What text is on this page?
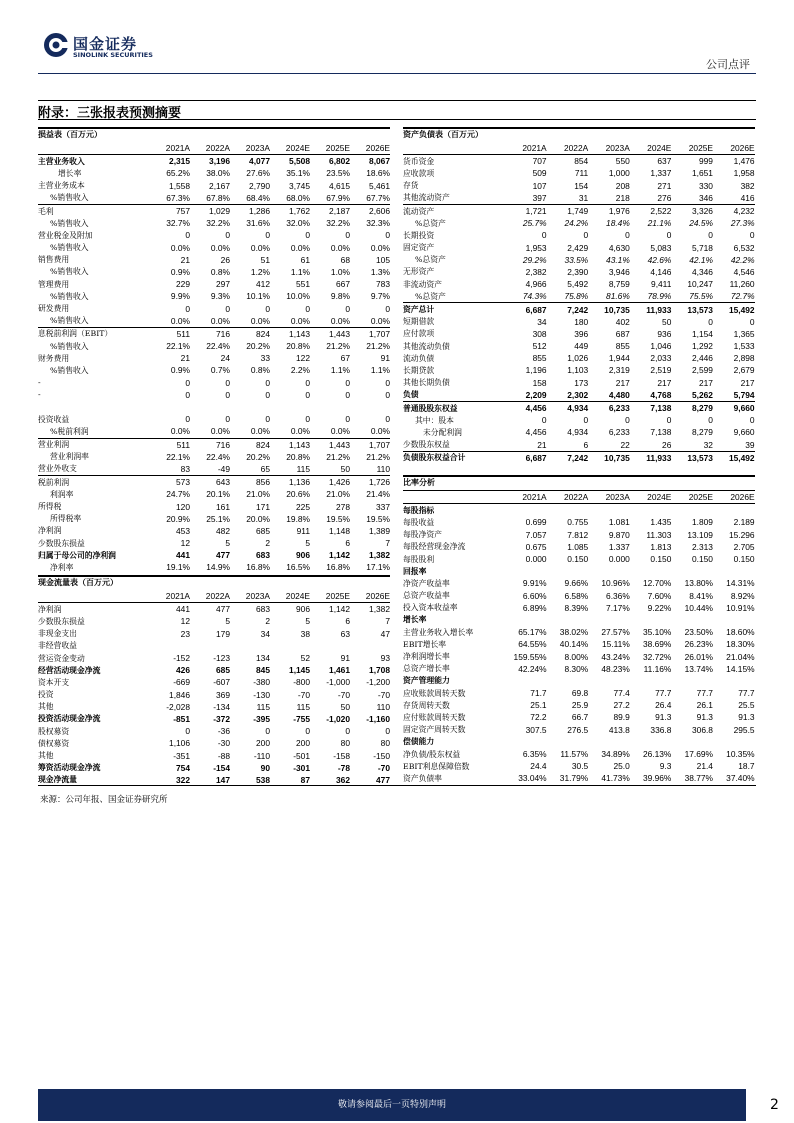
国金证券
SINOLINK SECURITIES
公司点评
附录：三张报表预测摘要
损益表（百万元）
2021A	2022A	2023A	2024E	2025E	2026E
主营业务收入	2,315	3,196	4,077	5,508	6,802	8,067
增长率	65.2%	38.0%	27.6%	35.1%	23.5%	18.6%
主营业务成本	1,558	2,167	2,790	3,745	4,615	5,461
%销售收入	67.3%	67.8%	68.4%	68.0%	67.9%	67.7%
毛利	757	1,029	1,286	1,762	2,187	2,606
%销售收入	32.7%	32.2%	31.6%	32.0%	32.2%	32.3%
营业税金及附加	0	0	0	0	0	0
%销售收入	0.0%	0.0%	0.0%	0.0%	0.0%	0.0%
销售费用	21	26	51	61	68	105
%销售收入	0.9%	0.8%	1.2%	1.1%	1.0%	1.3%
管理费用	229	297	412	551	667	783
%销售收入	9.9%	9.3%	10.1%	10.0%	9.8%	9.7%
研发费用	0	0	0	0	0	0
%销售收入	0.0%	0.0%	0.0%	0.0%	0.0%	0.0%
息税前利润（EBIT）	511	716	824	1,143	1,443	1,707
%销售收入	22.1%	22.4%	20.2%	20.8%	21.2%	21.2%
财务费用	21	24	33	122	67	91
%销售收入	0.9%	0.7%	0.8%	2.2%	1.1%	1.1%
-	0	0	0	0	0	0
-	0	0	0	0	0	0
投资收益	0	0	0	0	0	0
%税前利润	0.0%	0.0%	0.0%	0.0%	0.0%	0.0%
营业利润	511	716	824	1,143	1,443	1,707
营业利润率	22.1%	22.4%	20.2%	20.8%	21.2%	21.2%
营业外收支	83	-49	65	115	50	110
税前利润	573	643	856	1,136	1,426	1,726
利润率	24.7%	20.1%	21.0%	20.6%	21.0%	21.4%
所得税	120	161	171	225	278	337
所得税率	20.9%	25.1%	20.0%	19.8%	19.5%	19.5%
净利润	453	482	685	911	1,148	1,389
少数股东损益	12	5	2	5	6	7
归属于母公司的净利润	441	477	683	906	1,142	1,382
净利率	19.1%	14.9%	16.8%	16.5%	16.8%	17.1%
现金流量表（百万元）
2021A	2022A	2023A	2024E	2025E	2026E
净利润	441	477	683	906	1,142	1,382
少数股东损益	12	5	2	5	6	7
非现金支出	23	179	34	38	63	47
非经营收益
营运资金变动	-152	-123	134	52	91	93
经营活动现金净流	426	685	845	1,145	1,461	1,708
资本开支	-669	-607	-380	-800	-1,000	-1,200
投资	1,846	369	-130	-70	-70	-70
其他	-2,028	-134	115	115	50	110
投资活动现金净流	-851	-372	-395	-755	-1,020	-1,160
股权募资	0	-36	0	0	0	0
债权募资	1,106	-30	200	200	80	80
其他	-351	-88	-110	-501	-158	-150
筹资活动现金净流	754	-154	90	-301	-78	-70
现金净流量	322	147	538	87	362	477
资产负债表（百万元）
2021A	2022A	2023A	2024E	2025E	2026E
货币资金	707	854	550	637	999	1,476
应收款项	509	711	1,000	1,337	1,651	1,958
存货	107	154	208	271	330	382
其他流动资产	397	31	218	276	346	416
流动资产	1,721	1,749	1,976	2,522	3,326	4,232
%总资产	25.7%	24.2%	18.4%	21.1%	24.5%	27.3%
长期投资	0	0	0	0	0	0
固定资产	1,953	2,429	4,630	5,083	5,718	6,532
%总资产	29.2%	33.5%	43.1%	42.6%	42.1%	42.2%
无形资产	2,382	2,390	3,946	4,146	4,346	4,546
非流动资产	4,966	5,492	8,759	9,411	10,247	11,260
%总资产	74.3%	75.8%	81.6%	78.9%	75.5%	72.7%
资产总计	6,687	7,242	10,735	11,933	13,573	15,492
短期借款	34	180	402	50	0	0
应付款项	308	396	687	936	1,154	1,365
其他流动负债	512	449	855	1,046	1,292	1,533
流动负债	855	1,026	1,944	2,033	2,446	2,898
长期贷款	1,196	1,103	2,319	2,519	2,599	2,679
其他长期负债	158	173	217	217	217	217
负债	2,209	2,302	4,480	4,768	5,262	5,794
普通股股东权益	4,456	4,934	6,233	7,138	8,279	9,660
其中：股本	0	0	0	0	0	0
未分配利润	4,456	4,934	6,233	7,138	8,279	9,660
少数股东权益	21	6	22	26	32	39
负债股东权益合计	6,687	7,242	10,735	11,933	13,573	15,492
比率分析
2021A	2022A	2023A	2024E	2025E	2026E
每股指标
每股收益	0.699	0.755	1.081	1.435	1.809	2.189
每股净资产	7.057	7.812	9.870	11.303	13.109	15.296
每股经营现金净流	0.675	1.085	1.337	1.813	2.313	2.705
每股股利	0.000	0.150	0.000	0.150	0.150	0.150
回报率
净资产收益率	9.91%	9.66%	10.96%	12.70%	13.80%	14.31%
总资产收益率	6.60%	6.58%	6.36%	7.60%	8.41%	8.92%
投入资本收益率	6.89%	8.39%	7.17%	9.22%	10.44%	10.91%
增长率
主营业务收入增长率	65.17%	38.02%	27.57%	35.10%	23.50%	18.60%
EBIT增长率	64.55%	40.14%	15.11%	38.69%	26.23%	18.30%
净利润增长率	159.55%	8.00%	43.24%	32.72%	26.01%	21.04%
总资产增长率	42.24%	8.30%	48.23%	11.16%	13.74%	14.15%
资产管理能力
应收账款周转天数	71.7	69.8	77.4	77.7	77.7	77.7
存货周转天数	25.1	25.9	27.2	26.4	26.1	25.5
应付账款周转天数	72.2	66.7	89.9	91.3	91.3	91.3
固定资产周转天数	307.5	276.5	413.8	336.8	306.8	295.5
偿债能力
净负债/股东权益	6.35%	11.57%	34.89%	26.13%	17.69%	10.35%
EBIT利息保障倍数	24.4	30.5	25.0	9.3	21.4	18.7
资产负债率	33.04%	31.79%	41.73%	39.96%	38.77%	37.40%
来源：公司年报、国金证券研究所
敬请参阅最后一页特别声明	2
